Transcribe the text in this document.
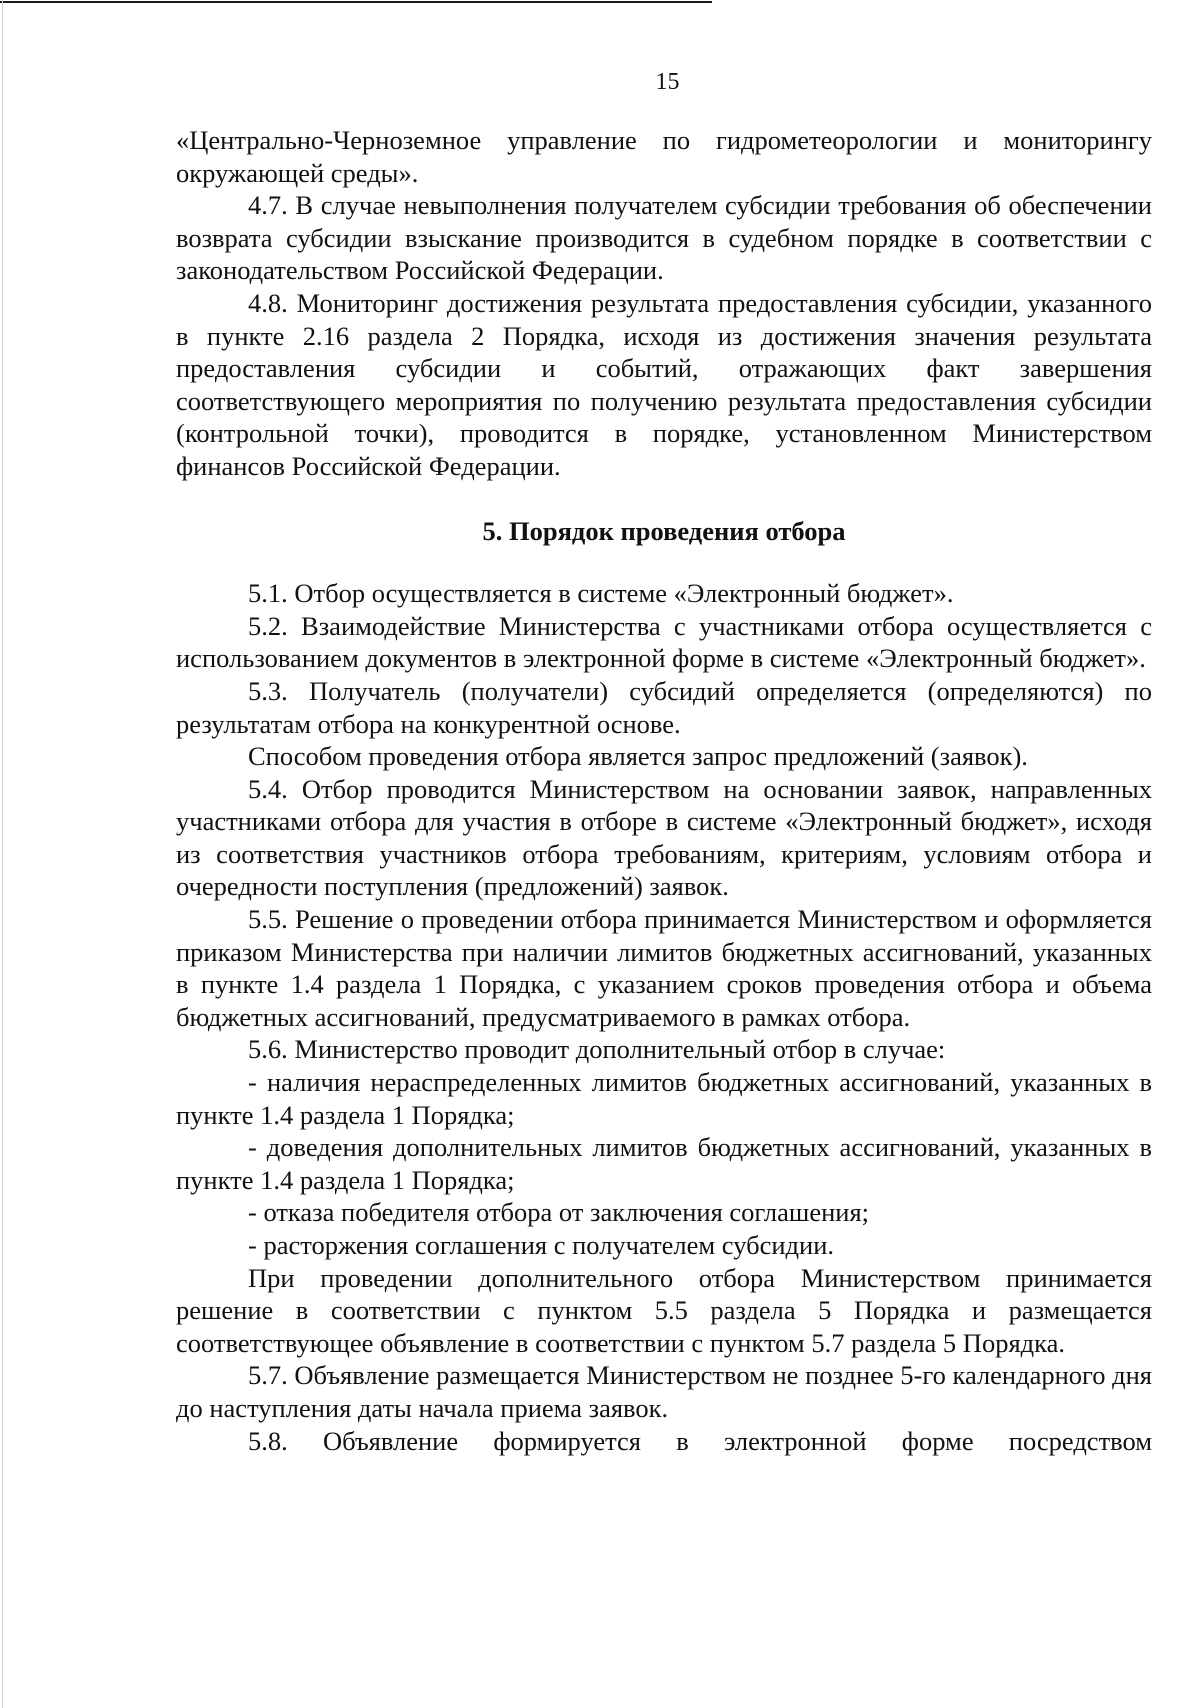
15

«Центрально-Черноземное управление по гидрометеорологии и мониторингу окружающей среды».

4.7. В случае невыполнения получателем субсидии требования об обеспечении возврата субсидии взыскание производится в судебном порядке в соответствии с законодательством Российской Федерации.

4.8. Мониторинг достижения результата предоставления субсидии, указанного в пункте 2.16 раздела 2 Порядка, исходя из достижения значения результата предоставления субсидии и событий, отражающих факт завершения соответствующего мероприятия по получению результата предоставления субсидии (контрольной точки), проводится в порядке, установленном Министерством финансов Российской Федерации.

5. Порядок проведения отбора

5.1. Отбор осуществляется в системе «Электронный бюджет».

5.2. Взаимодействие Министерства с участниками отбора осуществляется с использованием документов в электронной форме в системе «Электронный бюджет».

5.3. Получатель (получатели) субсидий определяется (определяются) по результатам отбора на конкурентной основе.

Способом проведения отбора является запрос предложений (заявок).

5.4. Отбор проводится Министерством на основании заявок, направленных участниками отбора для участия в отборе в системе «Электронный бюджет», исходя из соответствия участников отбора требованиям, критериям, условиям отбора и очередности поступления (предложений) заявок.

5.5. Решение о проведении отбора принимается Министерством и оформляется приказом Министерства при наличии лимитов бюджетных ассигнований, указанных в пункте 1.4 раздела 1 Порядка, с указанием сроков проведения отбора и объема бюджетных ассигнований, предусматриваемого в рамках отбора.

5.6. Министерство проводит дополнительный отбор в случае:

- наличия нераспределенных лимитов бюджетных ассигнований, указанных в пункте 1.4 раздела 1 Порядка;

- доведения дополнительных лимитов бюджетных ассигнований, указанных в пункте 1.4 раздела 1 Порядка;

- отказа победителя отбора от заключения соглашения;

- расторжения соглашения с получателем субсидии.

При проведении дополнительного отбора Министерством принимается решение в соответствии с пунктом 5.5 раздела 5 Порядка и размещается соответствующее объявление в соответствии с пунктом 5.7 раздела 5 Порядка.

5.7. Объявление размещается Министерством не позднее 5-го календарного дня до наступления даты начала приема заявок.

5.8. Объявление формируется в электронной форме посредством
